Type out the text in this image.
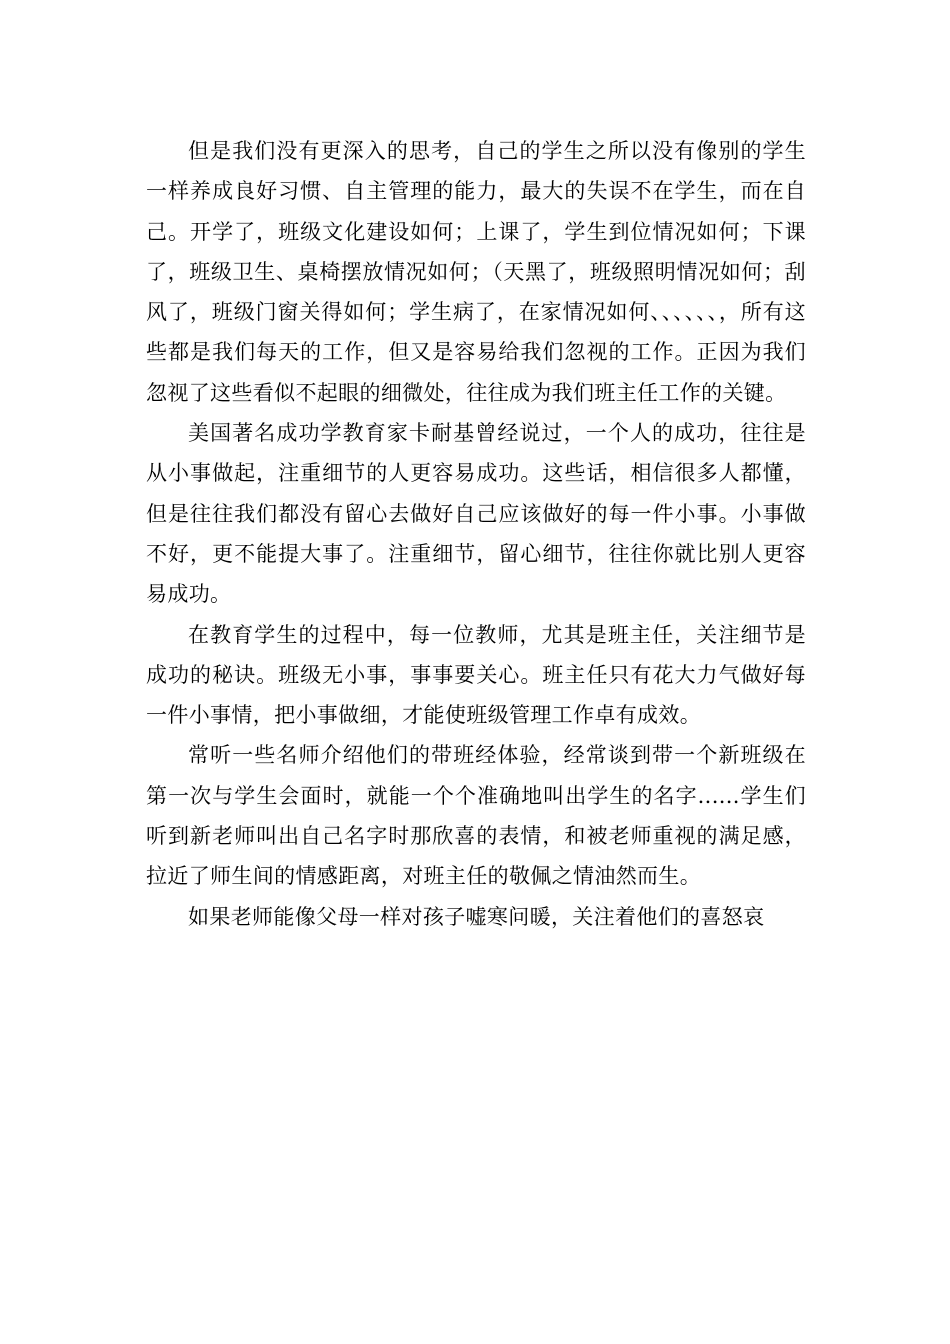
但是我们没有更深入的思考，自己的学生之所以没有像别的学生一样养成良好习惯、自主管理的能力，最大的失误不在学生，而在自己。开学了，班级文化建设如何；上课了，学生到位情况如何；下课了，班级卫生、桌椅摆放情况如何；（天黑了，班级照明情况如何；刮风了，班级门窗关得如何；学生病了，在家情况如何、、、、、、，所有这些都是我们每天的工作，但又是容易给我们忽视的工作。正因为我们忽视了这些看似不起眼的细微处，往往成为我们班主任工作的关键。

美国著名成功学教育家卡耐基曾经说过，一个人的成功，往往是从小事做起，注重细节的人更容易成功。这些话，相信很多人都懂，但是往往我们都没有留心去做好自己应该做好的每一件小事。小事做不好，更不能提大事了。注重细节，留心细节，往往你就比别人更容易成功。

在教育学生的过程中，每一位教师，尤其是班主任，关注细节是成功的秘诀。班级无小事，事事要关心。班主任只有花大力气做好每一件小事情，把小事做细，才能使班级管理工作卓有成效。

常听一些名师介绍他们的带班经体验，经常谈到带一个新班级在第一次与学生会面时，就能一个个准确地叫出学生的名字......学生们听到新老师叫出自己名字时那欣喜的表情，和被老师重视的满足感，拉近了师生间的情感距离，对班主任的敬佩之情油然而生。

如果老师能像父母一样对孩子嘘寒问暖，关注着他们的喜怒哀
